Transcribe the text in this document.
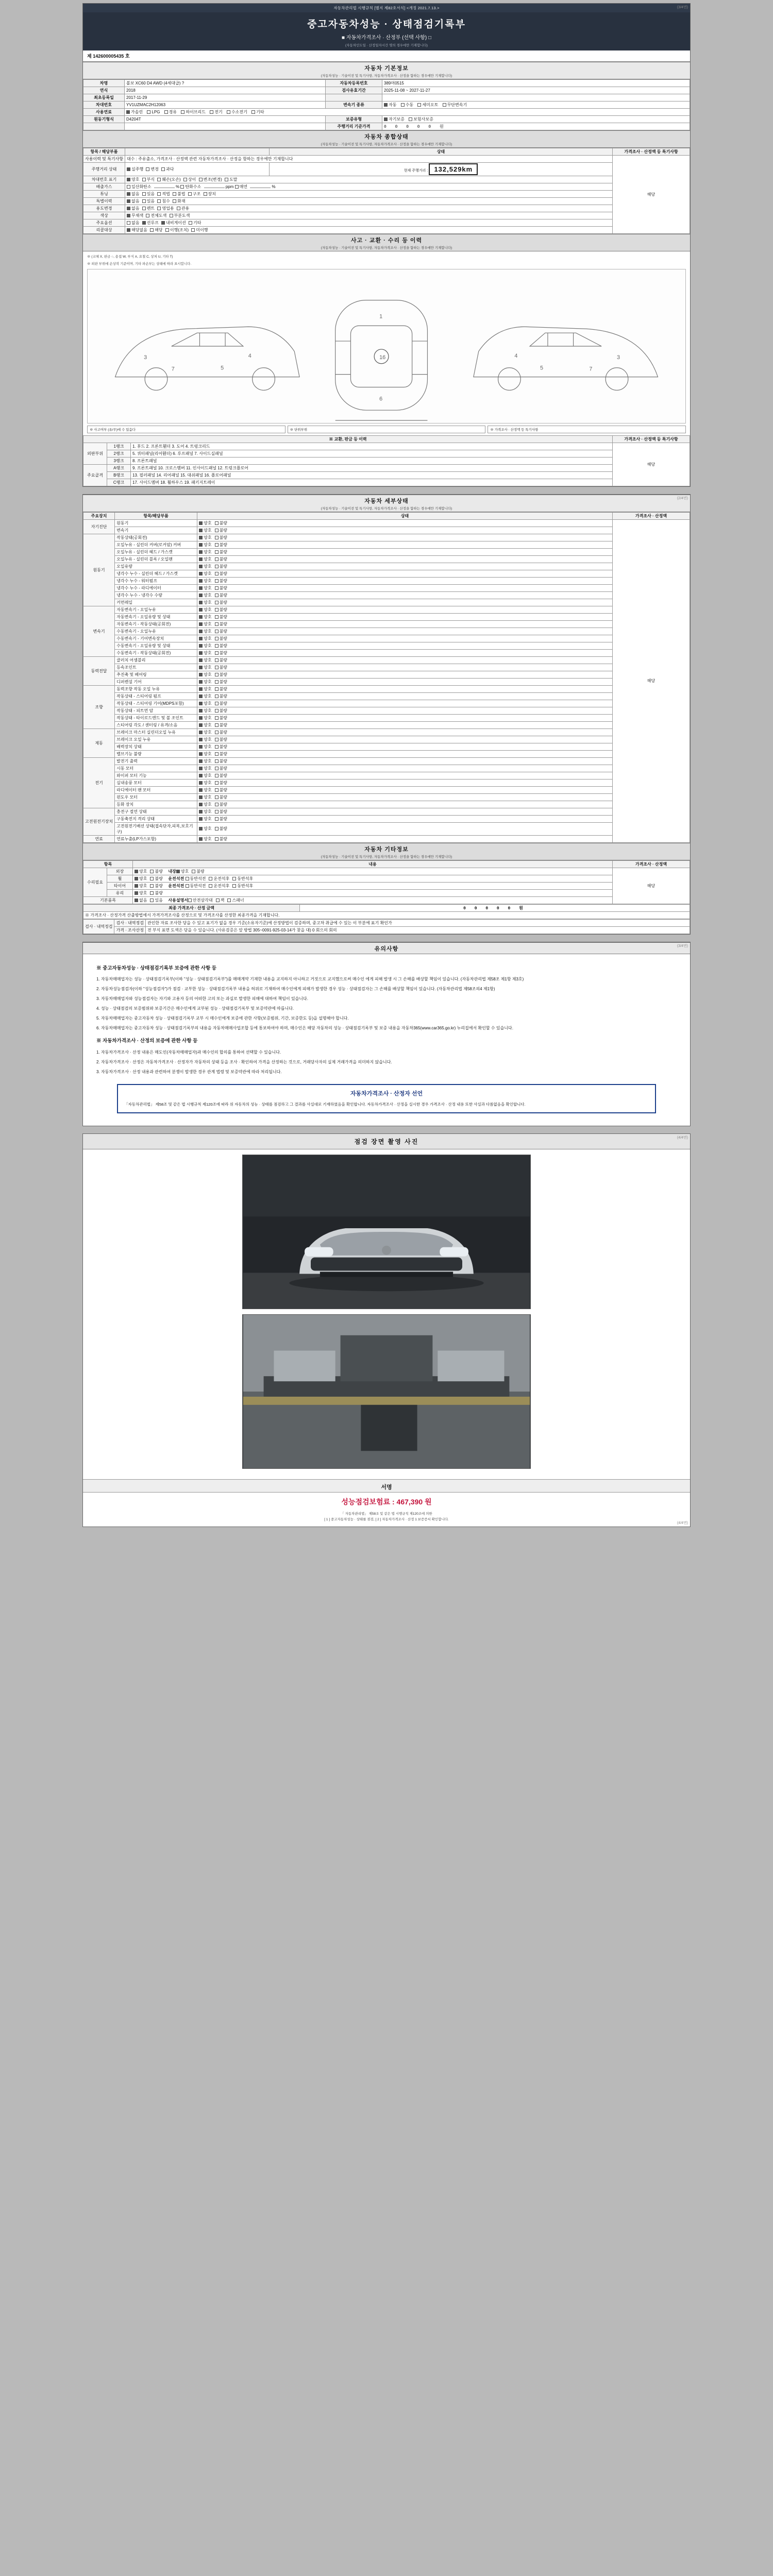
(3/4면)
자동차관리법 시행규칙 [별지 제82호서식] <개정 2021.7.13.>
중고자동차성능 · 상태점검기록부
■ 자동차가격조사 · 산정부 (선택 사항) □
(자동차인도일 · 산정일자시간 명의 경우에만 기재합니다)
제 142600005435 호
자동차 기본정보
(자동차성능 · 기술이전 및 특기사항, 자동차가격조사 · 산정을 함하는 경우에만 기재합니다)
차명	볼보 XC60 D4 AWD (4세대급) ?	자동차등록번호	389머0515
연식	2018	검사유효기간	2025-11-08 ~ 2027-11-27
최초등록일	2017-11-29		
차대번호	YV1UZMAC2H12063	변속기 종류	자동 수동 세미오토 무단변속기
사용연료	가솔린 LPG 경유 하이브리드 전기 수소전기 기타		
원동기형식	D4204T	보증유형	자기보증 보험사보증
		주행거리 기준가격	0 0 0 0 0 원
자동차 종합상태
(자동차성능 · 기술이전 및 특기사항, 자동차가격조사 · 산정을 함하는 경우에만 기재합니다)
항목 / 해당부품		상태	가격조사 · 산정액 등 특기사항
사용이력 및 특기사항	대수 : 주유출소, 가격조사 · 산정액 관련 자동차가격조사 · 산정을 함하는 경우에만 기재합니다		해당

주행거리 상태	실주행 변경 과다	현재 주행거리 : 132,529km	
차대번호 표기	양호 부식 훼손(오손) 상이 변조(변경) 도말		
배출가스	일산화탄소 % 탄화수소 ppm 매연 %		
튜닝	없음 있음 적법 불법 구조 장치		
특별이력	없음 있음 침수 화재		
용도변경	없음 렌트 영업용 관용		
색상	무채색 전체도색 부분도색		
주요옵션	없음 선루프 내비게이션 기타		
리콜대상	해당없음 해당 이행(조치) 미이행		
사고 · 교환 · 수리 등 이력
(자동차성능 · 기술이전 및 특기사항, 자동차가격조사 · 산정을 함하는 경우에만 기재합니다)
※ (교체 X, 판금 ○, 용접 W, 부식 A, 요철 C, 상처 U, 기타 T)
※ 외판 부위에 손상작 기준이며, 기타 파손부는 상태에 따라 표시합니다.
3
7	5
4
1
6
16	3
7
5
4
※ 사고여부 (유/무)에 수 있음다	※ 단위부위	※ 가격조사 · 산정액 등 특기사항
※ 교환, 판금 등 이력			가격조사 · 산정액 등 특기사항
외판부위	1랭크	1. 후드 2. 프론트휀더 3. 도어 4. 트렁크리드	해당
	2랭크	5. 쿼터패널(리어휀더) 6. 루프패널 7. 사이드실패널	
	3랭크	8. 프론트패널	
주요골격	A랭크	9. 프론트패널 10. 크로스멤버 11. 인사이드패널 12. 트렁크플로어	
	B랭크	13. 필러패널 14. 리어패널 15. 대쉬패널 16. 플로어패널	
	C랭크	17. 사이드멤버 18. 휠하우스 19. 패키지트레이	
(2/4면)
자동차 세부상태
(자동차성능 · 기술이전 및 특기사항, 자동차가격조사 · 산정을 함하는 경우에만 기재합니다)
주요장치	항목/해당부품	상태	가격조사 · 산정액
자기진단	원동기	양호 불량	해당
	변속기	양호 불량	
원동기	작동상태(공회전)	양호 불량	
	오일누유 - 실린더 커버(로커암) 커버	양호 불량	
	오일누유 - 실린더 헤드 / 가스켓	양호 불량	
	오일누유 - 실린더 블록 / 오일팬	양호 불량	
	오일유량	양호 불량	
	냉각수 누수 - 실린더 헤드 / 가스켓	양호 불량	
	냉각수 누수 - 워터펌프	양호 불량	
	냉각수 누수 - 라디에이터	양호 불량	
	냉각수 누수 - 냉각수 수량	양호 불량	
	커먼레일	양호 불량	
변속기	자동변속기 - 오일누유	양호 불량	
	자동변속기 - 오일유량 및 상태	양호 불량	
	자동변속기 - 작동상태(공회전)	양호 불량	
	수동변속기 - 오일누유	양호 불량	
	수동변속기 - 기어변속장치	양호 불량	
	수동변속기 - 오일유량 및 상태	양호 불량	
	수동변속기 - 작동상태(공회전)	양호 불량	
동력전달	클러치 어셈블리	양호 불량	
	등속조인트	양호 불량	
	추진축 및 베어링	양호 불량	
	디퍼렌셜 기어	양호 불량	
조향	동력조향 작동 오일 누유	양호 불량	
	작동상태 - 스티어링 펌프	양호 불량	
	작동상태 - 스티어링 기어(MDPS포함)	양호 불량	
	작동상태 - 피트먼 암	양호 불량	
	작동상태 - 타이로드엔드 및 볼 조인트	양호 불량	
	스티어링 각도 / 센터링 / 유격/소음	양호 불량	
제동	브레이크 마스터 실린더오일 누유	양호 불량	
	브레이크 오일 누유	양호 불량	
	배력장치 상태	양호 불량	
	밸브기능 불량	양호 불량	
전기	발전기 출력	양호 불량	
	시동 모터	양호 불량	
	와이퍼 모터 기능	양호 불량	
	실내송풍 모터	양호 불량	
	라디에이터 팬 모터	양호 불량	
	윈도우 모터	양호 불량	
	등화 장치	양호 불량	
고전원전기장치	충전구 절연 상태	양호 불량	
	구동축전지 격리 상태	양호 불량	
	고전원전기배선 상태(접속단자,피복,보호기구)	양호 불량	
연료	연료누출(LP가스포함)	양호 불량	
자동차 기타정보
(자동차성능 · 기술이전 및 특기사항, 자동차가격조사 · 산정을 함하는 경우에만 기재합니다)
항목		내용	가격조사 · 산정액
수리필요	외장	양호 불량 내장 양호 불량	해당
	휠	양호 불량 운전석전 동반석전운전석후동반석후	
	타이어	양호 불량 운전석전 동반석전운전석후동반석후	
	유리	양호 불량	
기본품목		없음 있음 사용설명서 안전삼각대 잭 스패너	
최종 가격조사 · 산정 금액	0 0 0 0 0 원
※ 가격조사 · 산정가격 산출방법에서 가격가격조사를 산정으로 및 가격조사를 산정한 최종가격을 기재합니다.
검사 · 내역정검	검사 · 내역정검	관인한 자료 조사한 당을 수 있고 표기가 없을 경우 기준(소유자기준)에 산정방법이 검증하며, 중고차 취급에 수 있는 이 부분에 표기 확인가
	가격 · 조사산정	전 부식 표면 도색은 당을 수 있습니다. (사유검증은 앞 방법 305~0091-925-03-14가 찾을 대) 0 회으의 회의
(3/4면)
유의사항
※ 중고자동차성능 · 상태점검기록부 보증에 관한 사항 등

1. 자동차매매업자는 성능 · 상태점검기록부(이하 "성능 · 상태점검기록부")를 매매계약 기재한 내용을 교지하지 아니하고 거짓으로 교지했으로써 매수인 에게 피해 발생 시 그 손해를 배상할 책임이 있습니다. (자동차관리법 제58조 제1항 제3호)

2. 자동차성능점검자(이하 "성능점검자")가 점검 · 교부한 성능 · 상태점검기록부 내용을 허위로 기재하여 매수인에게 피해가 발생한 경우 성능 · 상태점검자는 그 손해를 배상할 책임이 있습니다. (자동차관리법 제58조의4 제1항)

3. 자동차매매업자와 성능점검자는 자기와 고용자 등의 어떠한 고의 또는 과실로 발생한 피해에 대하여 책임이 있습니다.

4. 성능 · 상태점검의 보증범위와 보증기간은 매수인에게 교부된 성능 · 상태점검기록부 및 보증약관에 따릅니다.

5. 자동차매매업자는 중고자동차 성능 · 상태점검기록부 교부 시 매수인에게 보증에 관한 사항(보증범위, 기간, 보증한도 등)을 설명해야 합니다.

6. 자동차매매업자는 중고자동차 성능 · 상태점검기록부의 내용을 자동차매매사업조합 등에 통보하여야 하며, 매수인은 해당 자동차의 성능 · 상태점검기록부 및 보증 내용을 자동차365(www.car365.go.kr) 누리집에서 확인할 수 있습니다.

※ 자동차가격조사 · 산정의 보증에 관한 사항 등

1. 자동차가격조사 · 산정 내용은 매도인(자동차매매업자)과 매수인의 합의를 통하여 선택할 수 있습니다.

2. 자동차가격조사 · 산정은 자동차가격조사 · 산정자가 자동차의 상태 등을 조사 · 확인하여 가격을 산정하는 것으로, 거래당사자의 실제 거래가격을 의미하지 않습니다.

3. 자동차가격조사 · 산정 내용과 관련하여 분쟁이 발생한 경우 관계 법령 및 보증약관에 따라 처리됩니다.

자동차가격조사 · 산정자 선언
「자동차관리법」 제58조 및 같은 법 시행규칙 제120조에 따라 위 자동차의 성능 · 상태를 점검하고 그 결과를 사실대로 기재하였음을 확인합니다. 자동차가격조사 · 산정을 실시한 경우 가격조사 · 산정 내용 또한 사실과 다름없음을 확인합니다.
(4/4면)
점검 장면 촬영 사진
서명
성능점검보험료 : 467,390 원
「 자동차관리법」 제58조 및 같은 법 시행규칙 제120조에 의한
[ 1 ] 중고자동차성능 · 상태를 점검, [ 2 ] 자동차가격조사 · 산정 1 보증증서 확인합니다.
(4/4면)
